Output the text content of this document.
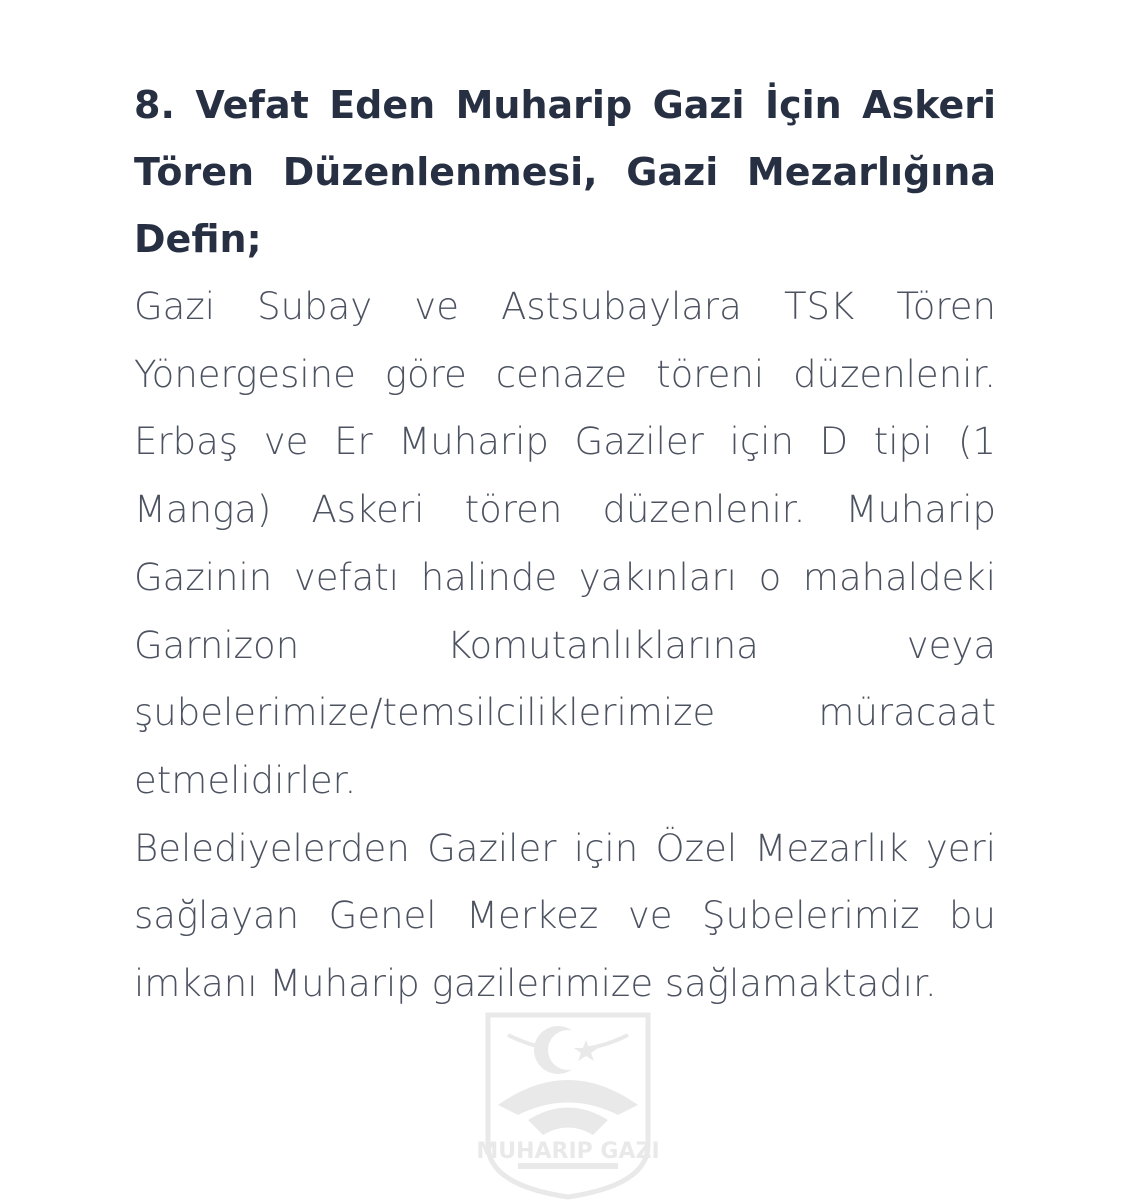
MUHARIP GAZI
8. Vefat Eden Muharip Gazi İçin Askeri Tören Düzenlenmesi, Gazi Mezarlığına Defin;

Gazi Subay ve Astsubaylara TSK Tören Yönergesine göre cenaze töreni düzenlenir. Erbaş ve Er Muharip Gaziler için D tipi (1 Manga) Askeri tören düzenlenir. Muharip Gazinin vefatı halinde yakınları o mahaldeki Garnizon Komutanlıklarına veya şubelerimize/temsilciliklerimize müracaat etmelidirler.

Belediyelerden Gaziler için Özel Mezarlık yeri sağlayan Genel Merkez ve Şubelerimiz bu imkanı Muharip gazilerimize sağlamaktadır.
